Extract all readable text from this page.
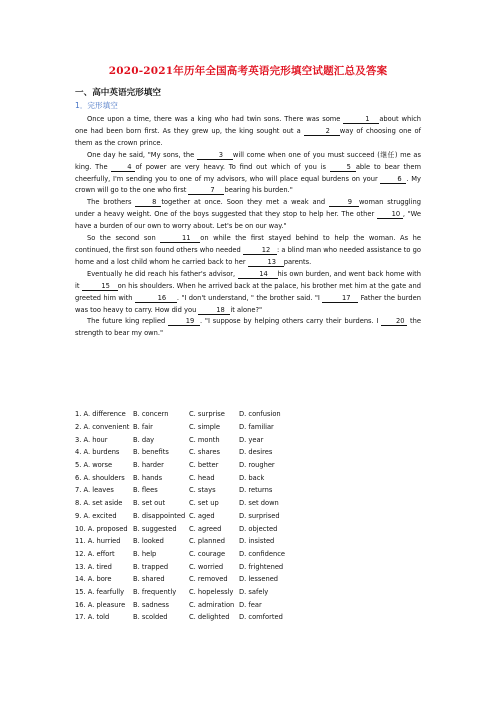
2020-2021年历年全国高考英语完形填空试题汇总及答案
一、高中英语完形填空
1．完形填空

Once upon a time, there was a king who had twin sons. There was some	1 about which one had been born first. As they grew up, the king sought out a	2 way of choosing one of them as the crown prince.

One day he said, "My sons, the	3 will come when one of you must succeed (继任) me as king. The 4 of power are very heavy. To find out which of you is	5 able to bear them cheerfully, I'm sending you to one of my advisors, who will place equal burdens on your	6 . My crown will go to the one who first	7 bearing his burden."

The brothers	8 together at once. Soon they met a weak and	9 woman struggling under a heavy weight. One of the boys suggested that they stop to help her. The other 10 , "We have a burden of our own to worry about. Let's be on our way."

So the second son	11 on while the first stayed behind to help the woman. As he continued, the first son found others who needed	12 : a blind man who needed assistance to go home and a lost child whom he carried back to her	13 parents.

Eventually he did reach his father's advisor,	14 his own burden, and went back home with it	15 on his shoulders. When he arrived back at the palace, his brother met him at the gate and greeted him with	16 . "I don't understand, " the brother said. "I	17 Father the burden was too heavy to carry. How did you	18 it alone?"

The future king replied	19 . "I suppose by helping others carry their burdens. I 20 the strength to bear my own."

1. A. difference	B. concern	C. surprise	D. confusion
2. A. convenient B. fair	C. simple	D. familiar
3. A. hour	B. day	C. month	D. year
4. A. burdens	B. benefits	C. shares	D. desires
5. A. worse	B. harder	C. better	D. rougher
6. A. shoulders	B. hands	C. head	D. back
7. A. leaves	B. flees	C. stays	D. returns
8. A. set aside	B. set out	C. set up	D. set down
9. A. excited	B. disappointed C. aged	D. surprised
10. A. proposed B. suggested	C. agreed	D. objected
11. A. hurried	B. looked	C. planned	D. insisted
12. A. effort	B. help	C. courage	D. confidence
13. A. tired	B. trapped	C. worried	D. frightened
14. A. bore	B. shared	C. removed	D. lessened
15. A. fearfully	B. frequently	C. hopelessly D. safely
16. A. pleasure	B. sadness	C. admiration D. fear
17. A. told	B. scolded	C. delighted	D. comforted
